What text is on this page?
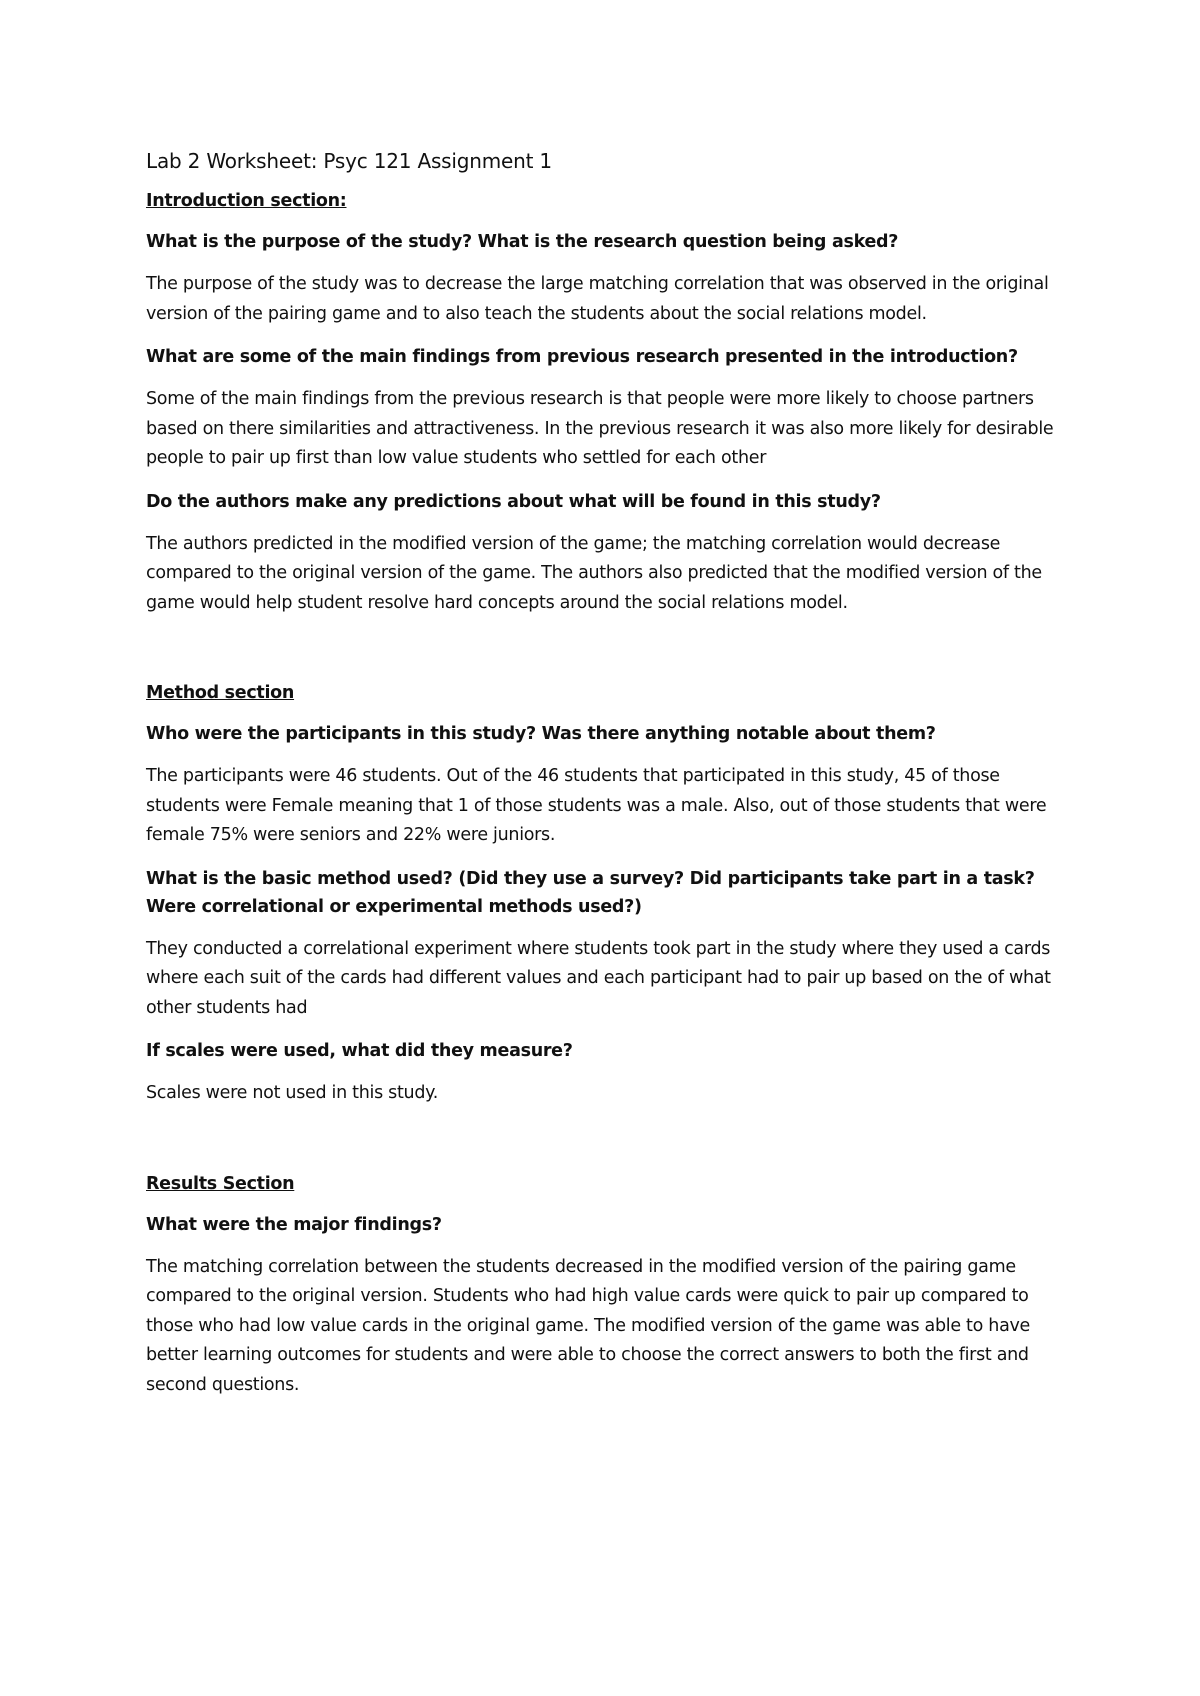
Lab 2 Worksheet: Psyc 121 Assignment 1

Introduction section:

What is the purpose of the study? What is the research question being asked?

The purpose of the study was to decrease the large matching correlation that was observed in the original version of the pairing game and to also teach the students about the social relations model.

What are some of the main findings from previous research presented in the introduction?

Some of the main findings from the previous research is that people were more likely to choose partners based on there similarities and attractiveness. In the previous research it was also more likely for desirable people to pair up first than low value students who settled for each other

Do the authors make any predictions about what will be found in this study?

The authors predicted in the modified version of the game; the matching correlation would decrease compared to the original version of the game. The authors also predicted that the modified version of the game would help student resolve hard concepts around the social relations model.

Method section

Who were the participants in this study? Was there anything notable about them?

The participants were 46 students. Out of the 46 students that participated in this study, 45 of those students were Female meaning that 1 of those students was a male. Also, out of those students that were female 75% were seniors and 22% were juniors.

What is the basic method used? (Did they use a survey? Did participants take part in a task? Were correlational or experimental methods used?)

They conducted a correlational experiment where students took part in the study where they used a cards where each suit of the cards had different values and each participant had to pair up based on the of what other students had

If scales were used, what did they measure?

Scales were not used in this study.

Results Section

What were the major findings?

The matching correlation between the students decreased in the modified version of the pairing game compared to the original version. Students who had high value cards were quick to pair up compared to those who had low value cards in the original game. The modified version of the game was able to have better learning outcomes for students and were able to choose the correct answers to both the first and second questions.
